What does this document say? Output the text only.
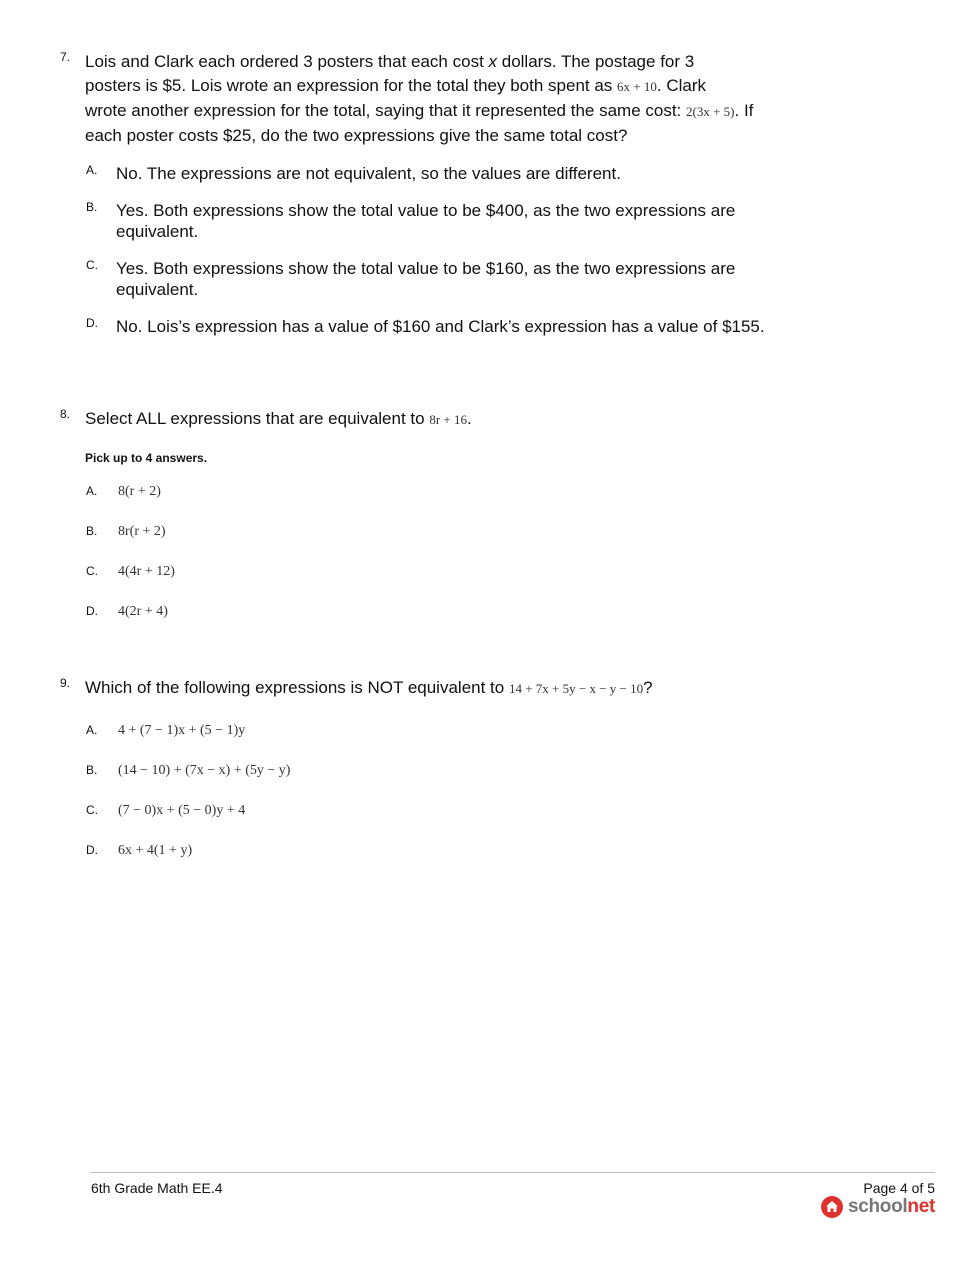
7. Lois and Clark each ordered 3 posters that each cost x dollars. The postage for 3
posters is $5. Lois wrote an expression for the total they both spent as 6x + 10. Clark
wrote another expression for the total, saying that it represented the same cost: 2(3x + 5). If
each poster costs $25, do the two expressions give the same total cost?
A. No. The expressions are not equivalent, so the values are different.
B. Yes. Both expressions show the total value to be $400, as the two expressions are equivalent.
C. Yes. Both expressions show the total value to be $160, as the two expressions are equivalent.
D. No. Lois’s expression has a value of $160 and Clark’s expression has a value of $155.
8. Select ALL expressions that are equivalent to 8r + 16.
Pick up to 4 answers.
A. 8(r + 2)
B. 8r(r + 2)
C. 4(4r + 12)
D. 4(2r + 4)
9. Which of the following expressions is NOT equivalent to 14 + 7x + 5y − x − y − 10?
A. 4 + (7 − 1)x + (5 − 1)y
B. (14 − 10) + (7x − x) + (5y − y)
C. (7 − 0)x + (5 − 0)y + 4
D. 6x + 4(1 + y)
6th Grade Math EE.4	Page 4 of 5
schoolnet
